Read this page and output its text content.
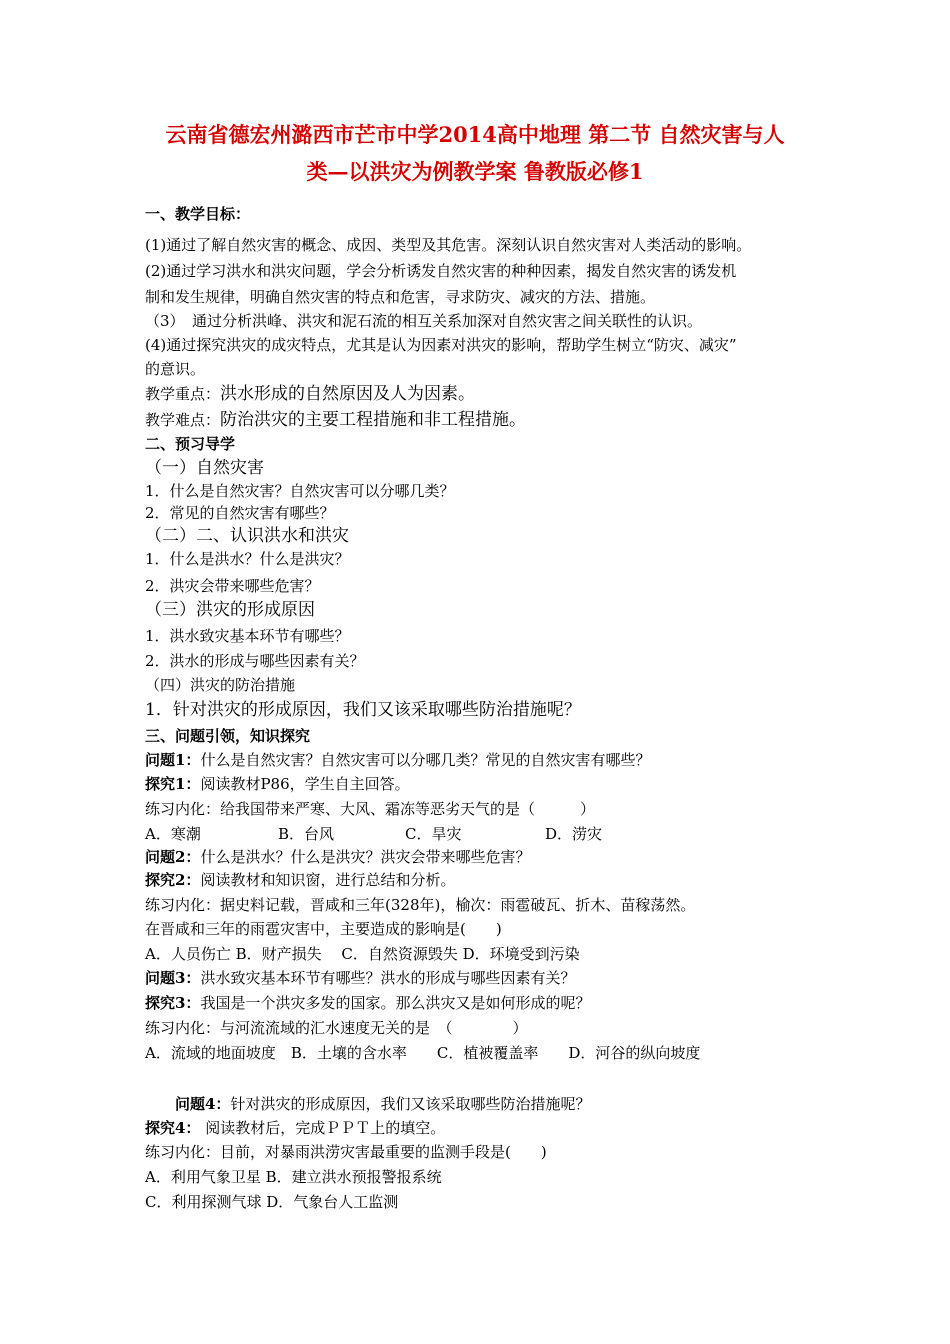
云南省德宏州潞西市芒市中学2014高中地理 第二节 自然灾害与人
类—以洪灾为例教学案 鲁教版必修1
一、教学目标：
(1)通过了解自然灾害的概念、成因、类型及其危害。深刻认识自然灾害对人类活动的影响。
(2)通过学习洪水和洪灾问题，学会分析诱发自然灾害的种种因素，揭发自然灾害的诱发机
制和发生规律，明确自然灾害的特点和危害，寻求防灾、减灾的方法、措施。
（3）　通过分析洪峰、洪灾和泥石流的相互关系加深对自然灾害之间关联性的认识。
(4)通过探究洪灾的成灾特点，尤其是认为因素对洪灾的影响，帮助学生树立“防灾、减灾”
的意识。
教学重点：洪水形成的自然原因及人为因素。
教学难点：防治洪灾的主要工程措施和非工程措施。
二、预习导学
（一）自然灾害
1．什么是自然灾害？自然灾害可以分哪几类？
2．常见的自然灾害有哪些？
（二）二、认识洪水和洪灾
1．什么是洪水？什么是洪灾？
2．洪灾会带来哪些危害？
（三）洪灾的形成原因
1．洪水致灾基本环节有哪些？
2．洪水的形成与哪些因素有关？
（四）洪灾的防治措施
1．针对洪灾的形成原因，我们又该采取哪些防治措施呢？
三、问题引领，知识探究
问题1：什么是自然灾害？自然灾害可以分哪几类？常见的自然灾害有哪些？
探究1：阅读教材P86，学生自主回答。
练习内化：给我国带来严寒、大风、霜冻等恶劣天气的是（　　　）
A．寒潮	B．台风	C．旱灾	D．涝灾
问题2：什么是洪水？什么是洪灾？洪灾会带来哪些危害？
探究2：阅读教材和知识窗，进行总结和分析。
练习内化：据史料记载，晋咸和三年(328年)，榆次：雨雹破瓦、折木、苗稼荡然。
在晋咸和三年的雨雹灾害中，主要造成的影响是(　　)
A．人员伤亡 B．财产损失　 C．自然资源毁失 D．环境受到污染
问题3：洪水致灾基本环节有哪些？洪水的形成与哪些因素有关？
探究3：我国是一个洪灾多发的国家。那么洪灾又是如何形成的呢？
练习内化：与河流流域的汇水速度无关的是　（　　　　）
A．流域的地面坡度　B．土壤的含水率　　C．植被覆盖率　　D．河谷的纵向坡度
问题4：针对洪灾的形成原因，我们又该采取哪些防治措施呢？
探究4： 阅读教材后，完成ＰＰＴ上的填空。
练习内化：目前，对暴雨洪涝灾害最重要的监测手段是(　　)
A．利用气象卫星 B．建立洪水预报警报系统
C．利用探测气球 D．气象台人工监测
